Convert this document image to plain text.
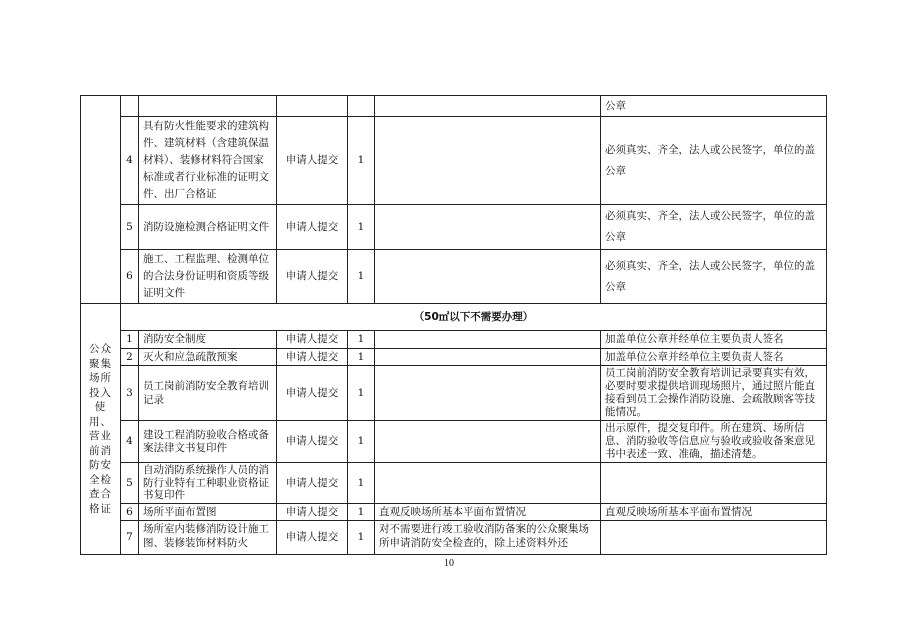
						公章
	4	具有防火性能要求的建筑构件、建筑材料（含建筑保温材料）、装修材料符合国家标准或者行业标准的证明文件、出厂合格证	申请人提交	1		必须真实、齐全，法人或公民签字，单位的盖公章
	5	消防设施检测合格证明文件	申请人提交	1		必须真实、齐全，法人或公民签字，单位的盖公章
	6	施工、工程监理、检测单位的合法身份证明和资质等级证明文件	申请人提交	1		必须真实、齐全，法人或公民签字，单位的盖公章
公众聚集场所投入使用、营业前消防安全检查合格证	（50㎡以下不需要办理）					
	1	消防安全制度	申请人提交	1		加盖单位公章并经单位主要负责人签名
	2	灭火和应急疏散预案	申请人提交	1		加盖单位公章并经单位主要负责人签名
	3	员工岗前消防安全教育培训记录	申请人提交	1		员工岗前消防安全教育培训记录要真实有效，必要时要求提供培训现场照片，通过照片能直接看到员工会操作消防设施、会疏散顾客等技能情况。
	4	建设工程消防验收合格或备案法律文书复印件	申请人提交	1		出示原件，提交复印件。所在建筑、场所信息、消防验收等信息应与验收或验收备案意见书中表述一致、准确，描述清楚。
	5	自动消防系统操作人员的消防行业特有工种职业资格证书复印件	申请人提交	1		
	6	场所平面布置图	申请人提交	1	直观反映场所基本平面布置情况	直观反映场所基本平面布置情况
	7	场所室内装修消防设计施工图、装修装饰材料防火	申请人提交	1	对不需要进行竣工验收消防备案的公众聚集场所申请消防安全检查的，除上述资料外还	
10
